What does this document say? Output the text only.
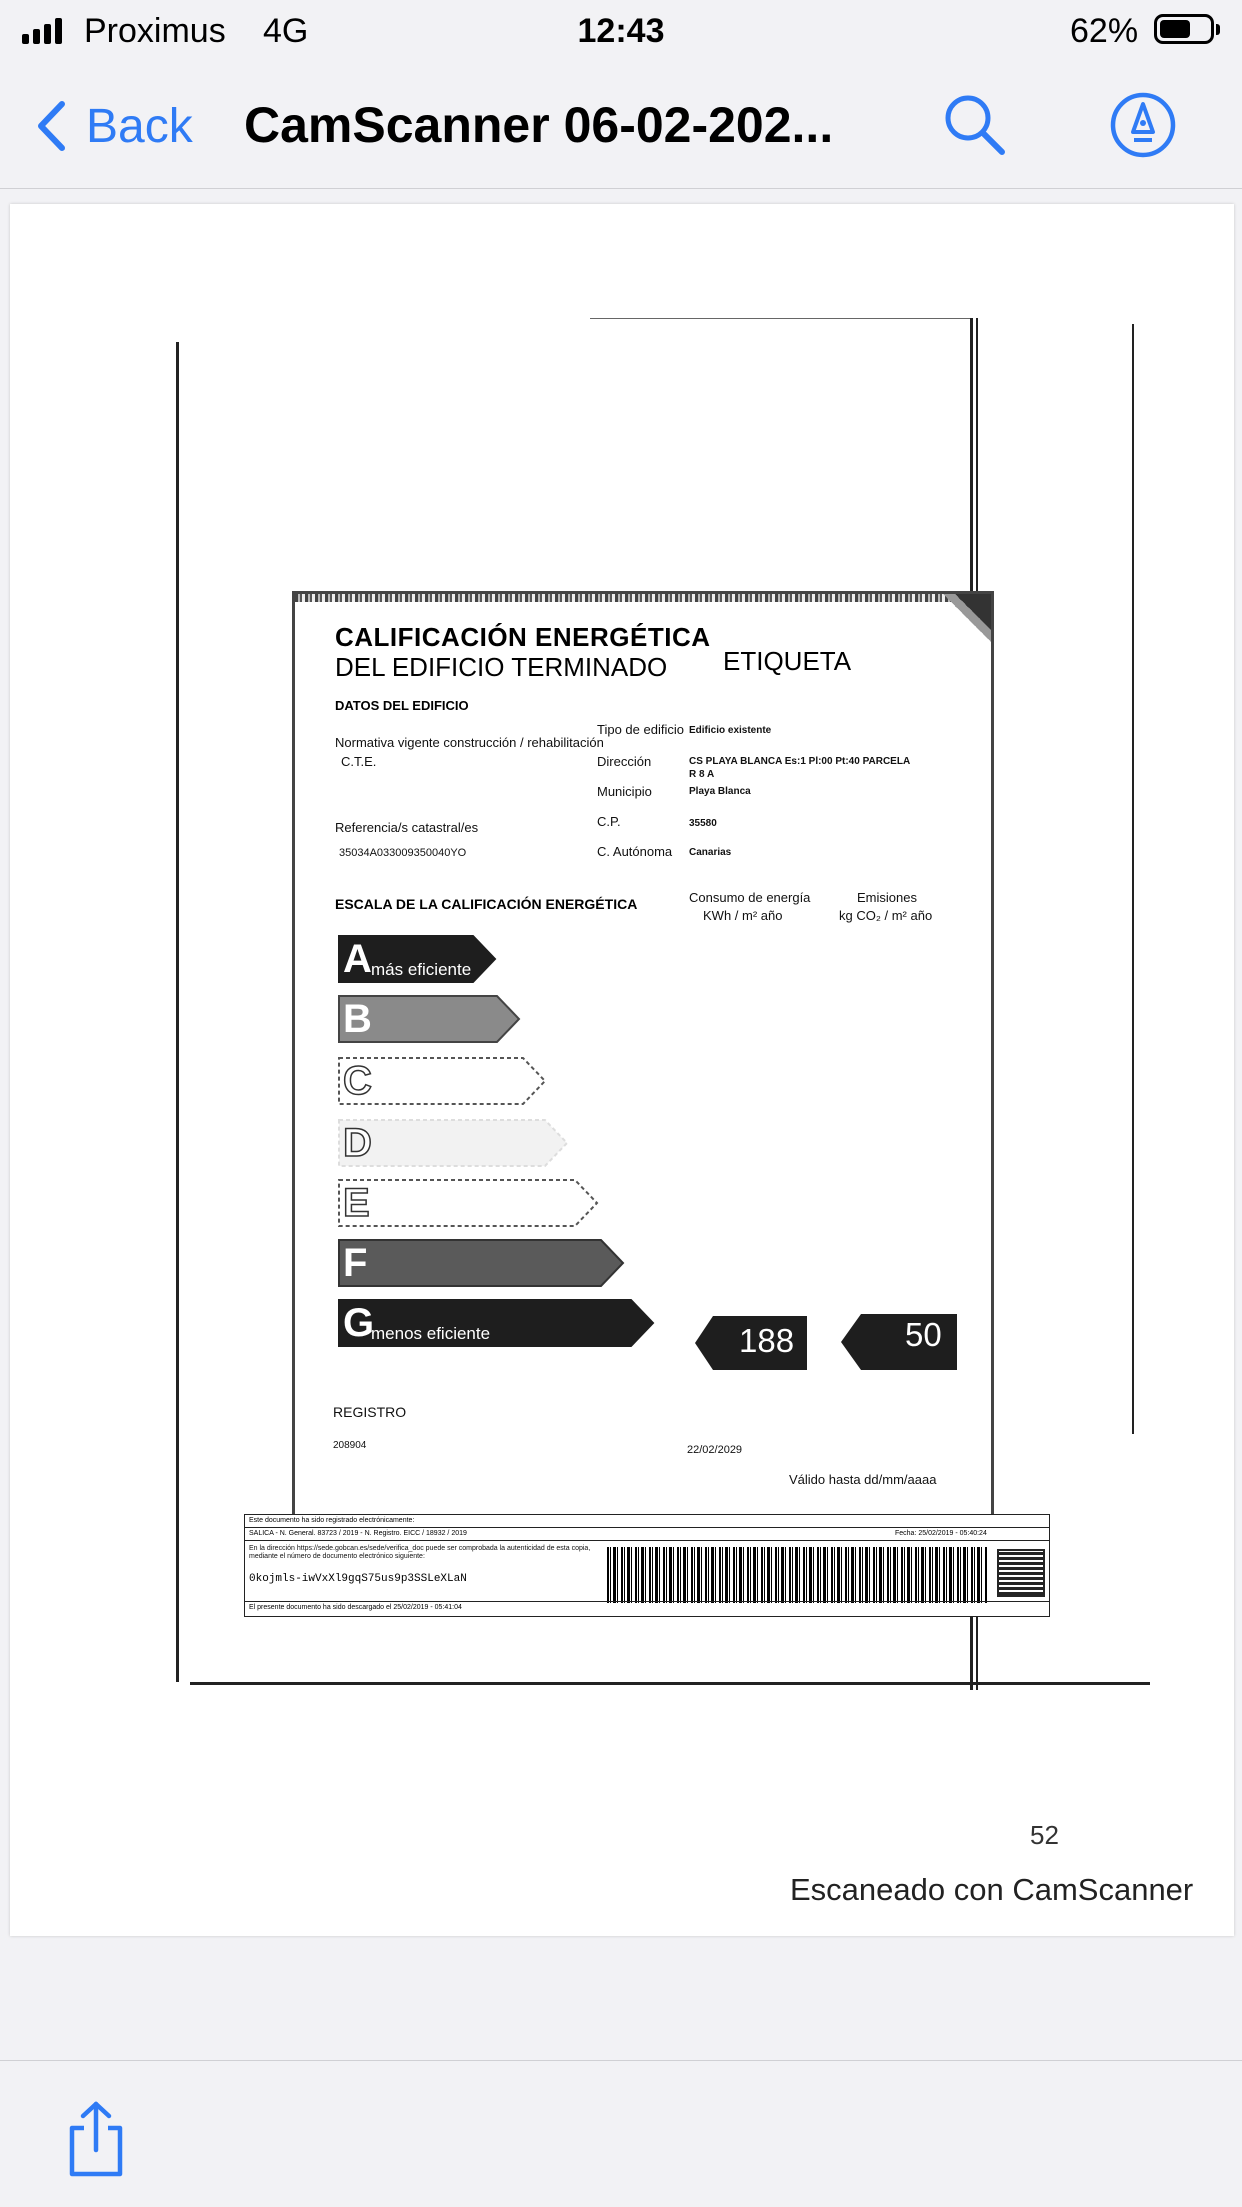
Proximus 4G	12:43	62%
Back CamScanner 06-02-202...
CALIFICACIÓN ENERGÉTICA
DEL EDIFICIO TERMINADO ETIQUETA
DATOS DEL EDIFICIO
Normativa vigente construcción / rehabilitación
C.T.E.
Referencia/s catastral/es
35034A033009350040YO
Tipo de edificio Edificio existente
Dirección	CS PLAYA BLANCA Es:1 Pl:00 Pt:40 PARCELA
R 8 A
Municipio	Playa Blanca
C.P.	35580
C. Autónoma Canarias
ESCALA DE LA CALIFICACIÓN ENERGÉTICA	Consumo de energía
KWh / m² año
Emisiones
kg CO₂ / m² año
A más eficiente
B
C
D
E
F
G
menos eficiente	188	50
REGISTRO
208904	22/02/2029
Válido hasta dd/mm/aaaa
Este documento ha sido registrado electrónicamente:
SALICA - N. General. 83723 / 2019 - N. Registro. EICC / 18932 / 2019	Fecha: 25/02/2019 - 05:40:24
En la dirección https://sede.gobcan.es/sede/verifica_doc puede ser comprobada la autenticidad de esta copia, mediante el número de documento electrónico siguiente:
0kojmls-iwVxXl9gqS75us9p3SSLeXLaN
El presente documento ha sido descargado el 25/02/2019 - 05:41:04
52
Escaneado con CamScanner
